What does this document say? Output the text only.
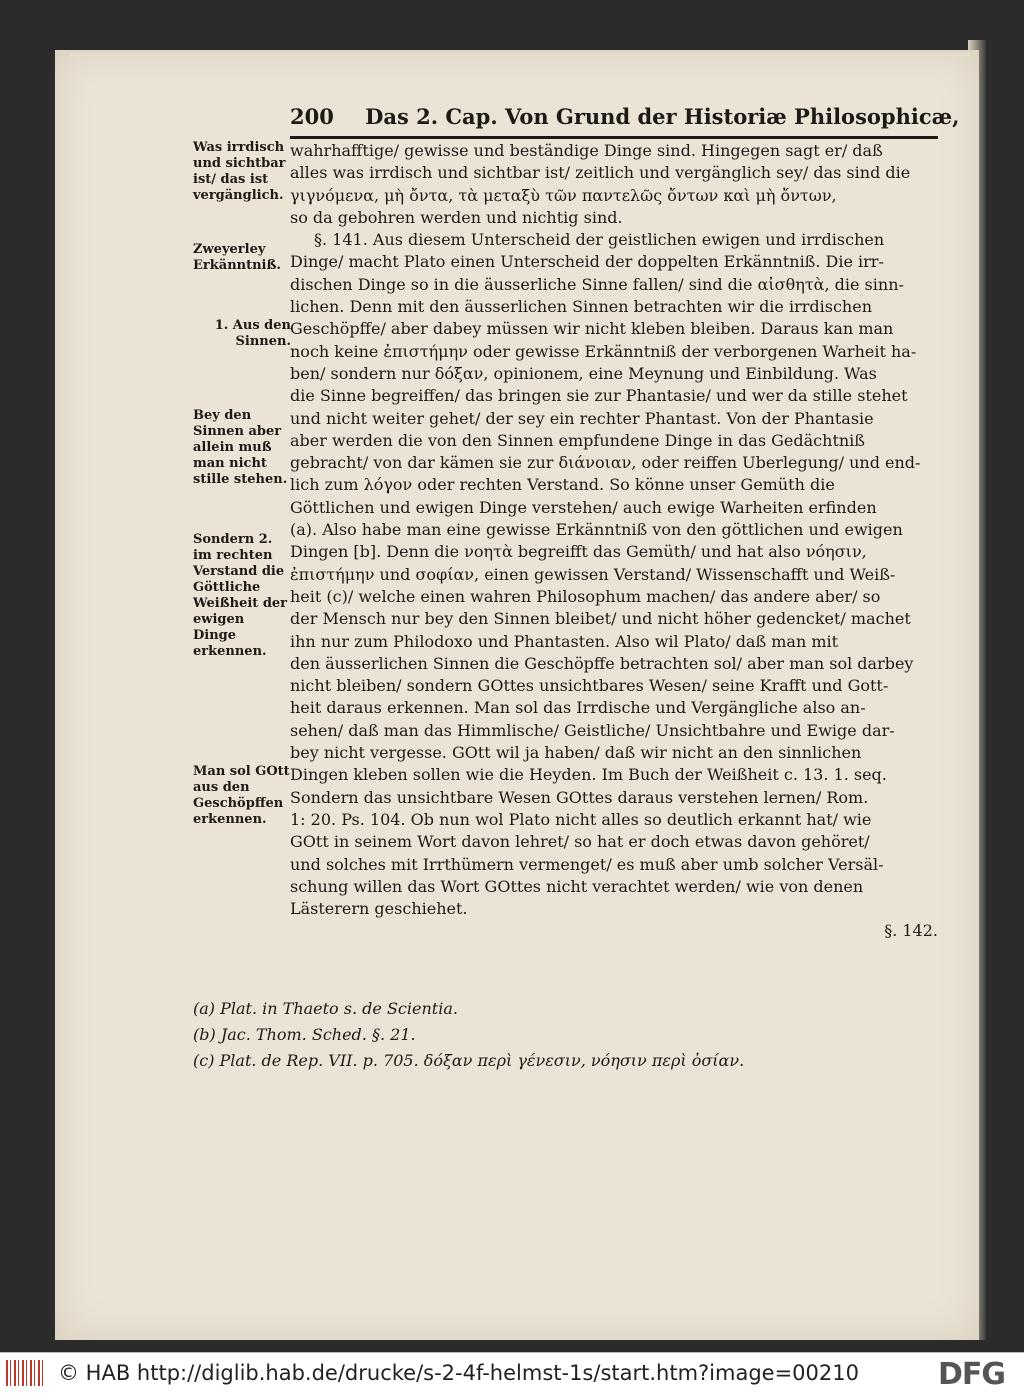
200 Das 2. Cap. Von Grund der Historiæ Philosophicæ,
Was irrdisch und sichtbar ist/ das ist vergänglich.
Zweyerley Erkänntniß.
1. Aus den Sinnen.
Bey den Sinnen aber allein muß man nicht stille stehen.
Sondern 2. im rechten Verstand die Göttliche Weißheit der ewigen Dinge erkennen.
Man sol GOtt aus den Geschöpffen erkennen.
wahrhafftige/ gewisse und beständige Dinge sind. Hingegen sagt er/ daß
alles was irrdisch und sichtbar ist/ zeitlich und vergänglich sey/ das sind die
γιγνόμενα, μὴ ὄντα, τὰ μεταξὺ τῶν παντελῶς ὄντων καὶ μὴ ὄντων,
so da gebohren werden und nichtig sind.
§. 141. Aus diesem Unterscheid der geistlichen ewigen und irrdischen
Dinge/ macht Plato einen Unterscheid der doppelten Erkänntniß. Die irr-
dischen Dinge so in die äusserliche Sinne fallen/ sind die αἰσθητὰ, die sinn-
lichen. Denn mit den äusserlichen Sinnen betrachten wir die irrdischen
Geschöpffe/ aber dabey müssen wir nicht kleben bleiben. Daraus kan man
noch keine ἐπιστήμην oder gewisse Erkänntniß der verborgenen Warheit ha-
ben/ sondern nur δόξαν, opinionem, eine Meynung und Einbildung. Was
die Sinne begreiffen/ das bringen sie zur Phantasie/ und wer da stille stehet
und nicht weiter gehet/ der sey ein rechter Phantast. Von der Phantasie
aber werden die von den Sinnen empfundene Dinge in das Gedächtniß
gebracht/ von dar kämen sie zur διάνοιαν, oder reiffen Uberlegung/ und end-
lich zum λόγον oder rechten Verstand. So könne unser Gemüth die
Göttlichen und ewigen Dinge verstehen/ auch ewige Warheiten erfinden
(a). Also habe man eine gewisse Erkänntniß von den göttlichen und ewigen
Dingen [b]. Denn die νοητὰ begreifft das Gemüth/ und hat also νόησιν,
ἐπιστήμην und σοφίαν, einen gewissen Verstand/ Wissenschafft und Weiß-
heit (c)/ welche einen wahren Philosophum machen/ das andere aber/ so
der Mensch nur bey den Sinnen bleibet/ und nicht höher gedencket/ machet
ihn nur zum Philodoxo und Phantasten. Also wil Plato/ daß man mit
den äusserlichen Sinnen die Geschöpffe betrachten sol/ aber man sol darbey
nicht bleiben/ sondern GOttes unsichtbares Wesen/ seine Krafft und Gott-
heit daraus erkennen. Man sol das Irrdische und Vergängliche also an-
sehen/ daß man das Himmlische/ Geistliche/ Unsichtbahre und Ewige dar-
bey nicht vergesse. GOtt wil ja haben/ daß wir nicht an den sinnlichen
Dingen kleben sollen wie die Heyden. Im Buch der Weißheit c. 13. 1. seq.
Sondern das unsichtbare Wesen GOttes daraus verstehen lernen/ Rom.
1: 20. Ps. 104. Ob nun wol Plato nicht alles so deutlich erkannt hat/ wie
GOtt in seinem Wort davon lehret/ so hat er doch etwas davon gehöret/
und solches mit Irrthümern vermenget/ es muß aber umb solcher Versäl-
schung willen das Wort GOttes nicht verachtet werden/ wie von denen
Lästerern geschiehet.
§. 142.
(a) Plat. in Thaeto s. de Scientia.
(b) Jac. Thom. Sched. §. 21.
(c) Plat. de Rep. VII. p. 705. δόξαν περὶ γένεσιν, νόησιν περὶ ὀσίαν.
© HAB http://diglib.hab.de/drucke/s-2-4f-helmst-1s/start.htm?image=00210	DFG
